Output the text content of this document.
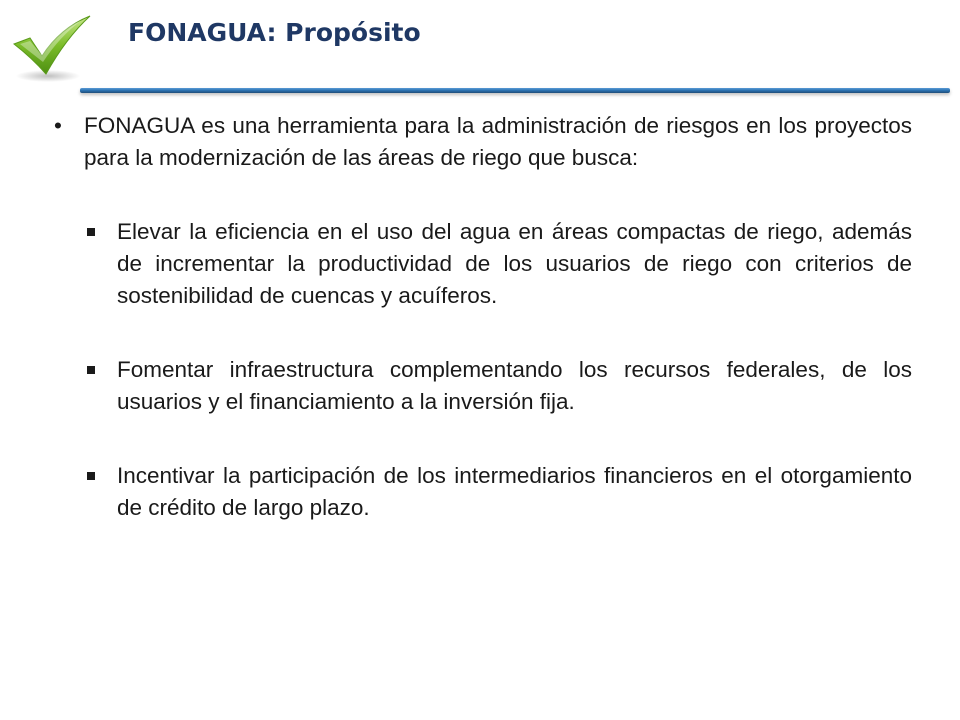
FONAGUA: Propósito
• FONAGUA es una herramienta para la administración de riesgos en los proyectos para la modernización de las áreas de riego que busca:
Elevar la eficiencia en el uso del agua en áreas compactas de riego, además de incrementar la productividad de los usuarios de riego con criterios de sostenibilidad de cuencas y acuíferos.
Fomentar infraestructura complementando los recursos federales, de los usuarios y el financiamiento a la inversión fija.
Incentivar la participación de los intermediarios financieros en el otorgamiento de crédito de largo plazo.
